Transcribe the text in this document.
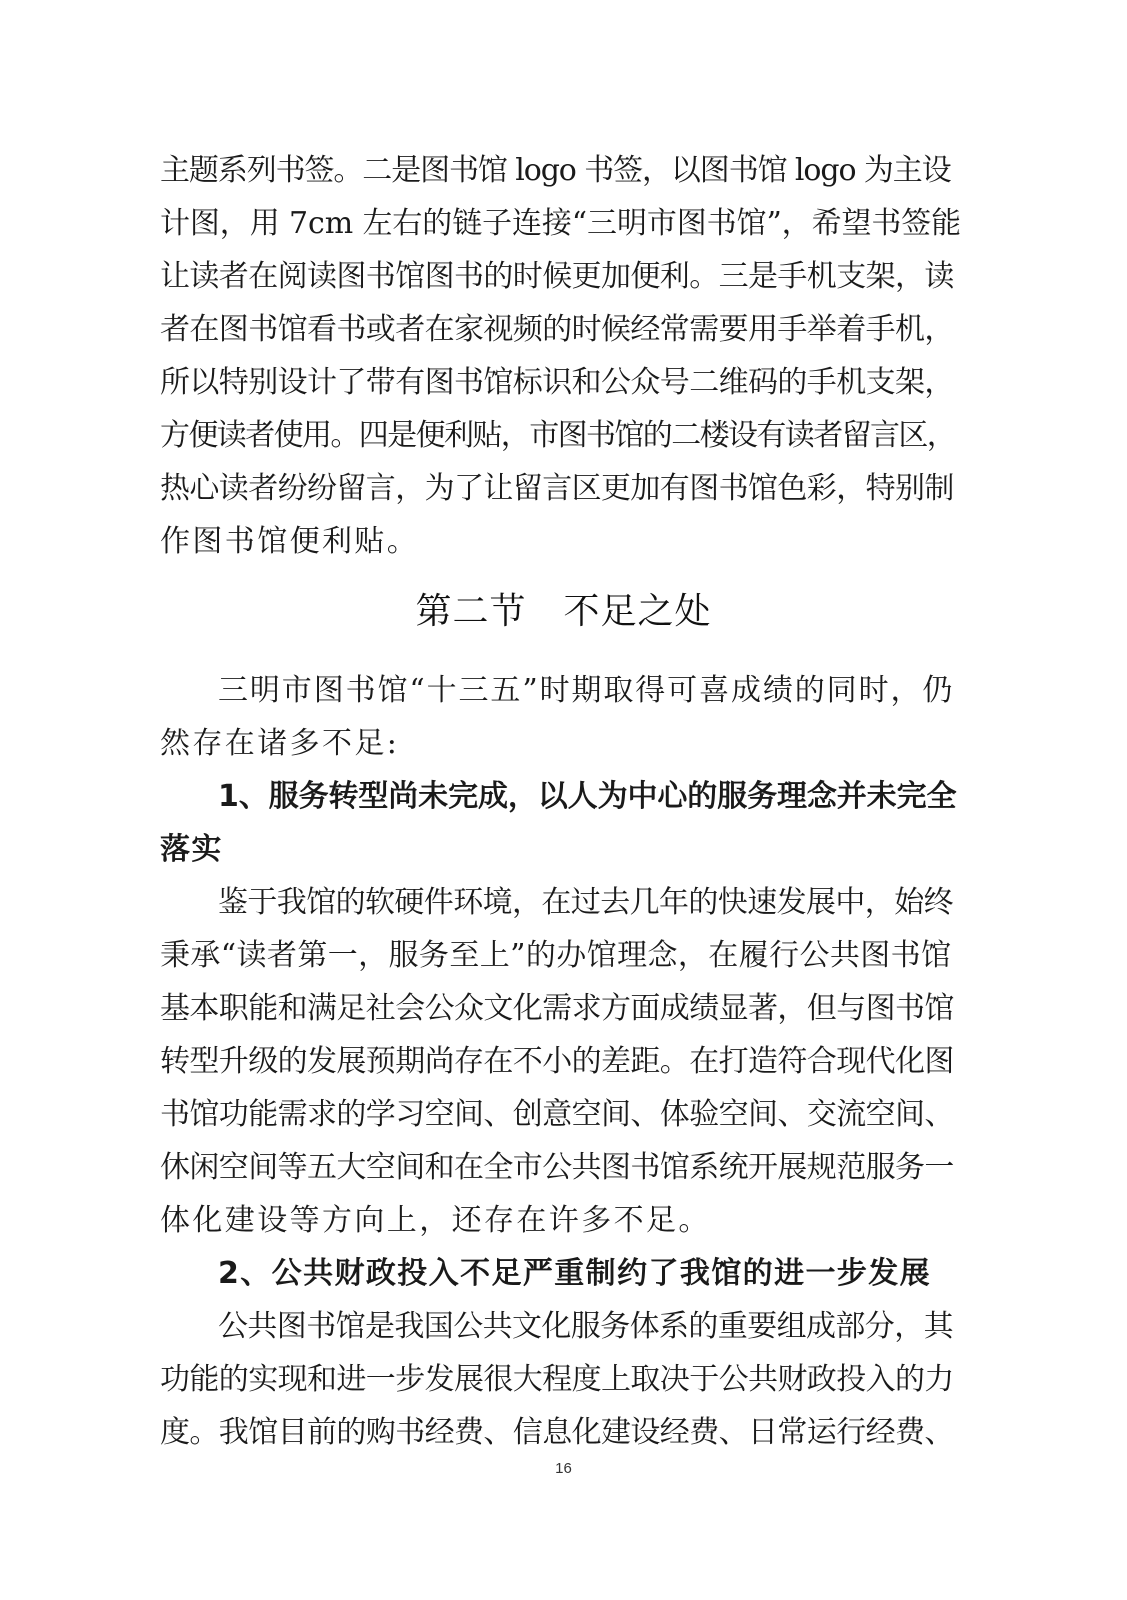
主题系列书签。二是图书馆 logo 书签，以图书馆 logo 为主设
计图，用 7cm 左右的链子连接“三明市图书馆”，希望书签能
让读者在阅读图书馆图书的时候更加便利。三是手机支架，读
者在图书馆看书或者在家视频的时候经常需要用手举着手机，
所以特别设计了带有图书馆标识和公众号二维码的手机支架，
方便读者使用。四是便利贴，市图书馆的二楼设有读者留言区，
热心读者纷纷留言，为了让留言区更加有图书馆色彩，特别制
作图书馆便利贴。
第二节　不足之处
三明市图书馆“十三五”时期取得可喜成绩的同时，仍
然存在诸多不足:
1、服务转型尚未完成，以人为中心的服务理念并未完全
落实
鉴于我馆的软硬件环境，在过去几年的快速发展中，始终
秉承“读者第一，服务至上”的办馆理念，在履行公共图书馆
基本职能和满足社会公众文化需求方面成绩显著，但与图书馆
转型升级的发展预期尚存在不小的差距。在打造符合现代化图
书馆功能需求的学习空间、创意空间、体验空间、交流空间、
休闲空间等五大空间和在全市公共图书馆系统开展规范服务一
体化建设等方向上，还存在许多不足。
2、公共财政投入不足严重制约了我馆的进一步发展
公共图书馆是我国公共文化服务体系的重要组成部分，其
功能的实现和进一步发展很大程度上取决于公共财政投入的力
度。我馆目前的购书经费、信息化建设经费、日常运行经费、
16
